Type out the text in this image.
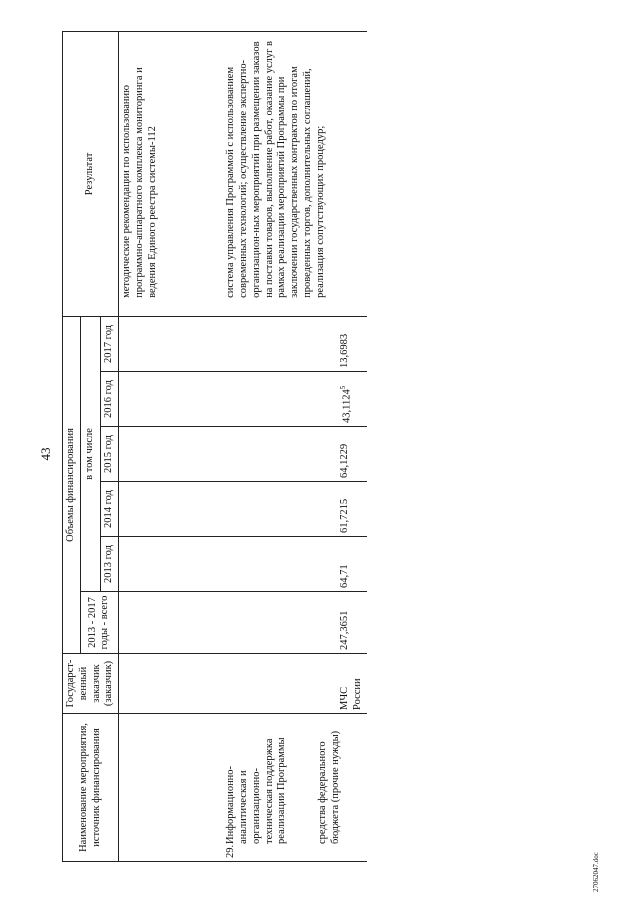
43
27062047.doc
Наименование мероприятия, источник финансирования	Государст-венный заказчик (заказчик)	Объемы финансирования						Результат
		2013 - 2017 годы - всего	в том числе					
			2013 год	2014 год	2015 год	2016 год	2017 год	
								методические рекомендации по использованию программно-аппаратного комплекса мониторинга и ведения Единого реестра системы-112
29.Информационно-аналитическая и организационно-техническая поддержка реализации Программы средства федерального бюджета (прочие нужды)	МЧС России	247,3651	64,71	61,7215	64,1229	43,1124$^5$	13,6983	система управления Программой с использованием современных технологий; осуществление экспертно-организацион-ных мероприятий при размещении заказов на поставки товаров, выполнение работ, оказание услуг в рамках реализации мероприятий Программы при заключении государственных контрактов по итогам проведенных торгов, дополнительных соглашений, реализация сопутствующих процедур;
